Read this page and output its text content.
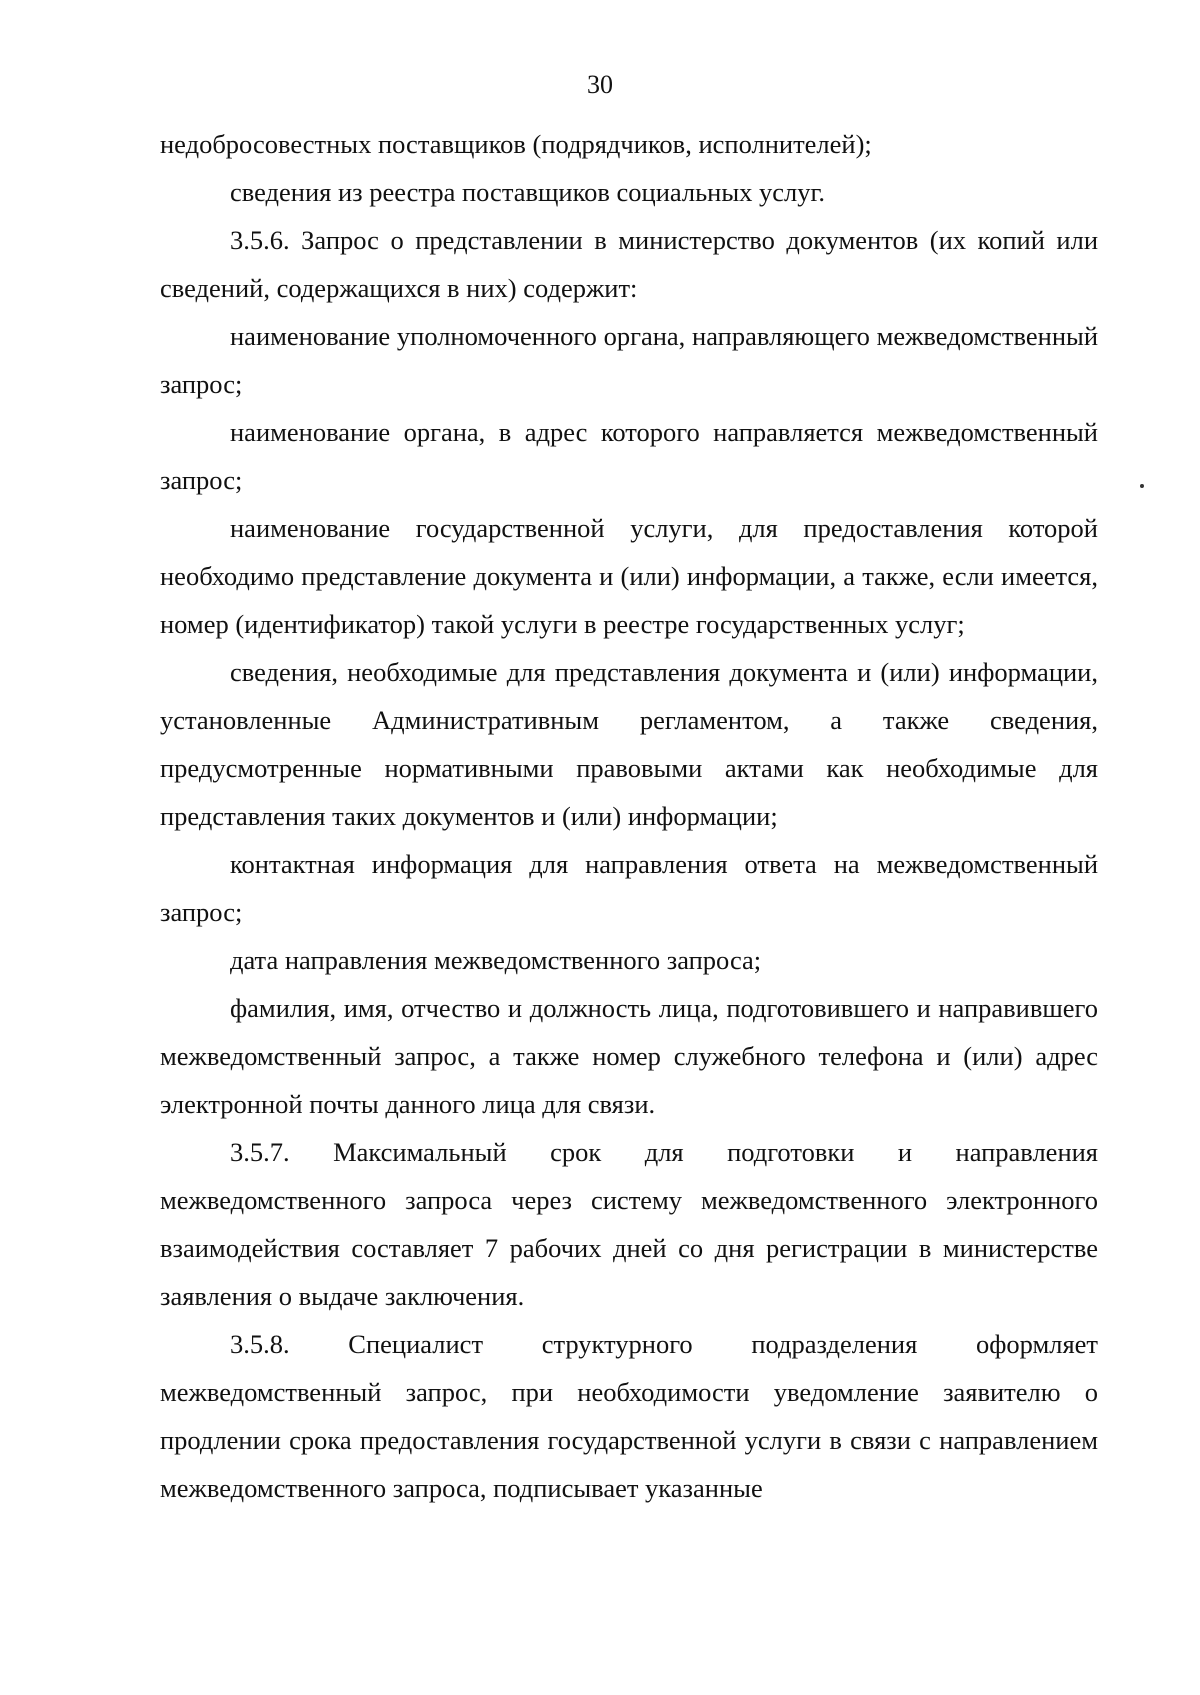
30

недобросовестных поставщиков (подрядчиков, исполнителей);

сведения из реестра поставщиков социальных услуг.

3.5.6. Запрос о представлении в министерство документов (их копий или сведений, содержащихся в них) содержит:

наименование уполномоченного органа, направляющего межведомственный запрос;

наименование органа, в адрес которого направляется межведомственный запрос;

наименование государственной услуги, для предоставления которой необходимо представление документа и (или) информации, а также, если имеется, номер (идентификатор) такой услуги в реестре государственных услуг;

сведения, необходимые для представления документа и (или) информации, установленные Административным регламентом, а также сведения, предусмотренные нормативными правовыми актами как необходимые для представления таких документов и (или) информации;

контактная информация для направления ответа на межведомственный запрос;

дата направления межведомственного запроса;

фамилия, имя, отчество и должность лица, подготовившего и направившего межведомственный запрос, а также номер служебного телефона и (или) адрес электронной почты данного лица для связи.

3.5.7. Максимальный срок для подготовки и направления межведомственного запроса через систему межведомственного электронного взаимодействия составляет 7 рабочих дней со дня регистрации в министерстве заявления о выдаче заключения.

3.5.8. Специалист структурного подразделения оформляет межведомственный запрос, при необходимости уведомление заявителю о продлении срока предоставления государственной услуги в связи с направлением межведомственного запроса, подписывает указанные
